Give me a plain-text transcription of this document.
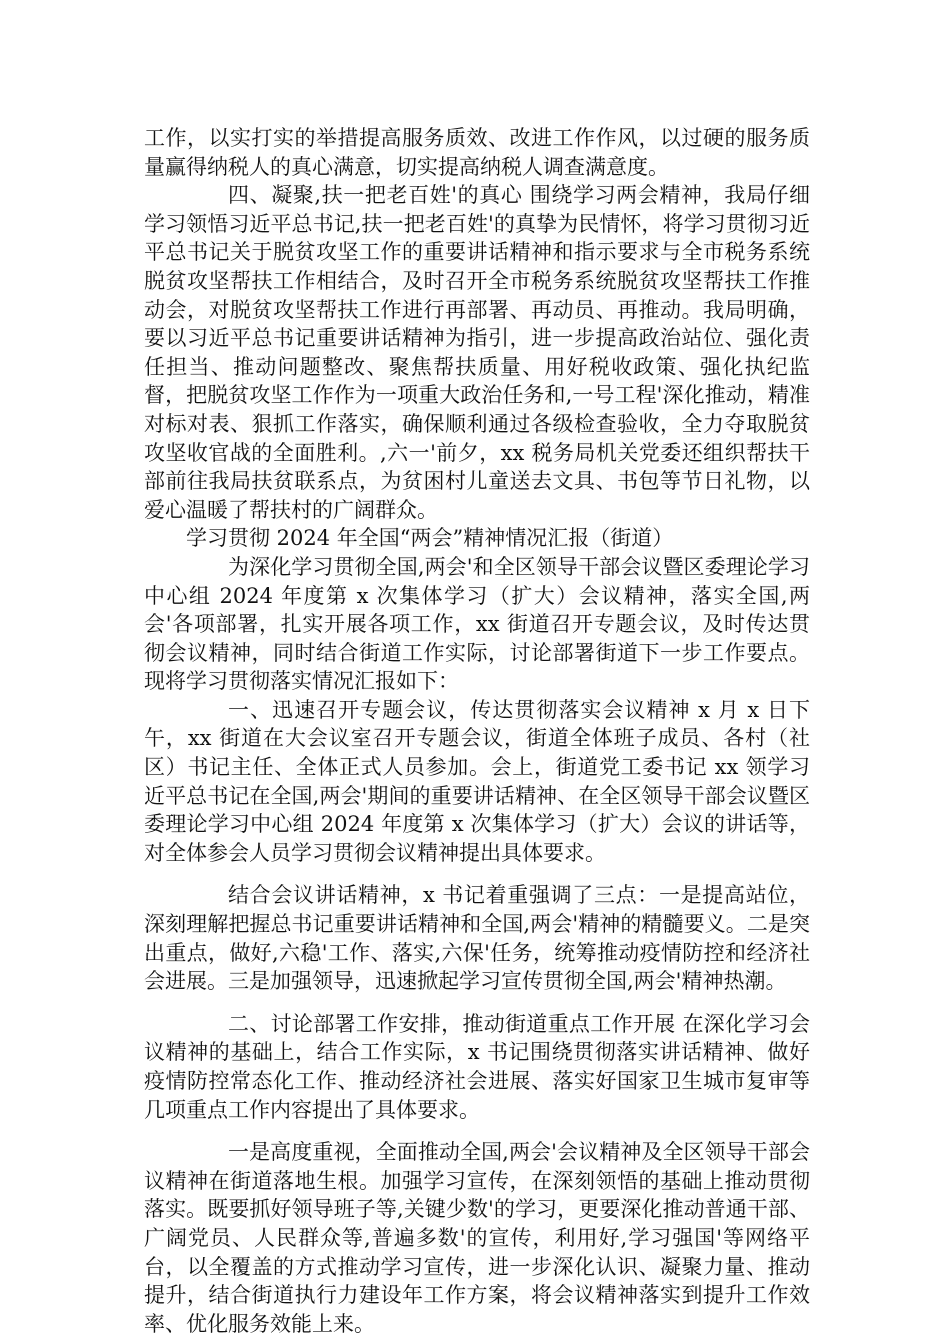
工作，以实打实的举措提高服务质效、改进工作作风，以过硬的服务质量赢得纳税人的真心满意，切实提高纳税人调查满意度。

四、凝聚,扶一把老百姓'的真心 围绕学习两会精神，我局仔细学习领悟习近平总书记,扶一把老百姓'的真挚为民情怀，将学习贯彻习近平总书记关于脱贫攻坚工作的重要讲话精神和指示要求与全市税务系统脱贫攻坚帮扶工作相结合，及时召开全市税务系统脱贫攻坚帮扶工作推动会，对脱贫攻坚帮扶工作进行再部署、再动员、再推动。我局明确，要以习近平总书记重要讲话精神为指引，进一步提高政治站位、强化责任担当、推动问题整改、聚焦帮扶质量、用好税收政策、强化执纪监督，把脱贫攻坚工作作为一项重大政治任务和,一号工程'深化推动，精准对标对表、狠抓工作落实，确保顺利通过各级检查验收，全力夺取脱贫攻坚收官战的全面胜利。,六一'前夕，xx 税务局机关党委还组织帮扶干部前往我局扶贫联系点，为贫困村儿童送去文具、书包等节日礼物，以爱心温暖了帮扶村的广阔群众。

学习贯彻 2024 年全国“两会”精神情况汇报（街道）

为深化学习贯彻全国,两会'和全区领导干部会议暨区委理论学习中心组 2024 年度第 x 次集体学习（扩大）会议精神，落实全国,两会'各项部署，扎实开展各项工作，xx 街道召开专题会议，及时传达贯彻会议精神，同时结合街道工作实际，讨论部署街道下一步工作要点。现将学习贯彻落实情况汇报如下：

一、迅速召开专题会议，传达贯彻落实会议精神 x 月 x 日下午，xx 街道在大会议室召开专题会议，街道全体班子成员、各村（社区）书记主任、全体正式人员参加。会上，街道党工委书记 xx 领学习近平总书记在全国,两会'期间的重要讲话精神、在全区领导干部会议暨区委理论学习中心组 2024 年度第 x 次集体学习（扩大）会议的讲话等，对全体参会人员学习贯彻会议精神提出具体要求。

结合会议讲话精神，x 书记着重强调了三点：一是提高站位，深刻理解把握总书记重要讲话精神和全国,两会'精神的精髓要义。二是突出重点，做好,六稳'工作、落实,六保'任务，统筹推动疫情防控和经济社会进展。三是加强领导，迅速掀起学习宣传贯彻全国,两会'精神热潮。

二、讨论部署工作安排，推动街道重点工作开展 在深化学习会议精神的基础上，结合工作实际，x 书记围绕贯彻落实讲话精神、做好疫情防控常态化工作、推动经济社会进展、落实好国家卫生城市复审等几项重点工作内容提出了具体要求。

一是高度重视，全面推动全国,两会'会议精神及全区领导干部会议精神在街道落地生根。加强学习宣传，在深刻领悟的基础上推动贯彻落实。既要抓好领导班子等,关键少数'的学习，更要深化推动普通干部、广阔党员、人民群众等,普遍多数'的宣传，利用好,学习强国'等网络平台，以全覆盖的方式推动学习宣传，进一步深化认识、凝聚力量、推动提升，结合街道执行力建设年工作方案，将会议精神落实到提升工作效率、优化服务效能上来。
